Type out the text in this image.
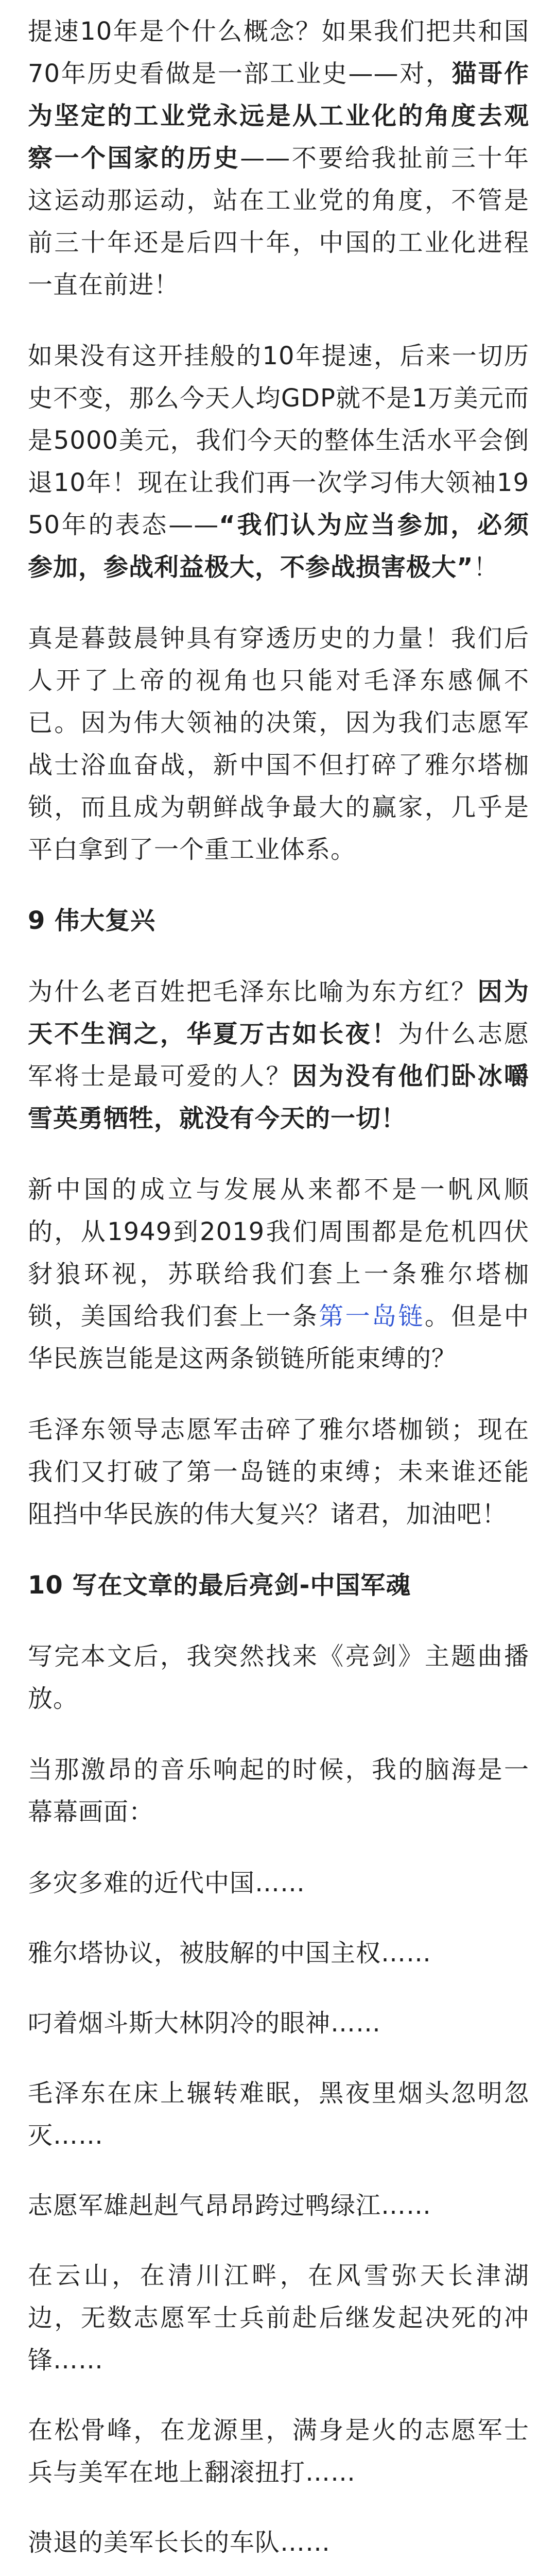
提速10年是个什么概念？如果我们把共和国70年历史看做是一部工业史——对，猫哥作为坚定的工业党永远是从工业化的角度去观察一个国家的历史——不要给我扯前三十年这运动那运动，站在工业党的角度，不管是前三十年还是后四十年，中国的工业化进程一直在前进！

如果没有这开挂般的10年提速，后来一切历史不变，那么今天人均GDP就不是1万美元而是5000美元，我们今天的整体生活水平会倒退10年！现在让我们再一次学习伟大领袖1950年的表态——“我们认为应当参加，必须参加，参战利益极大，不参战损害极大”！

真是暮鼓晨钟具有穿透历史的力量！我们后人开了上帝的视角也只能对毛泽东感佩不已。因为伟大领袖的决策，因为我们志愿军战士浴血奋战，新中国不但打碎了雅尔塔枷锁，而且成为朝鲜战争最大的赢家，几乎是平白拿到了一个重工业体系。

9 伟大复兴

为什么老百姓把毛泽东比喻为东方红？因为天不生润之，华夏万古如长夜！为什么志愿军将士是最可爱的人？因为没有他们卧冰嚼雪英勇牺牲，就没有今天的一切！

新中国的成立与发展从来都不是一帆风顺的，从1949到2019我们周围都是危机四伏豺狼环视，苏联给我们套上一条雅尔塔枷锁，美国给我们套上一条第一岛链。但是中华民族岂能是这两条锁链所能束缚的？

毛泽东领导志愿军击碎了雅尔塔枷锁；现在我们又打破了第一岛链的束缚；未来谁还能阻挡中华民族的伟大复兴？诸君，加油吧！

10 写在文章的最后亮剑-中国军魂

写完本文后，我突然找来《亮剑》主题曲播放。

当那激昂的音乐响起的时候，我的脑海是一幕幕画面：

多灾多难的近代中国……

雅尔塔协议，被肢解的中国主权……

叼着烟斗斯大林阴冷的眼神……

毛泽东在床上辗转难眠，黑夜里烟头忽明忽灭……

志愿军雄赳赳气昂昂跨过鸭绿江……

在云山，在清川江畔，在风雪弥天长津湖边，无数志愿军士兵前赴后继发起决死的冲锋……

在松骨峰，在龙源里，满身是火的志愿军士兵与美军在地上翻滚扭打……

溃退的美军长长的车队……
